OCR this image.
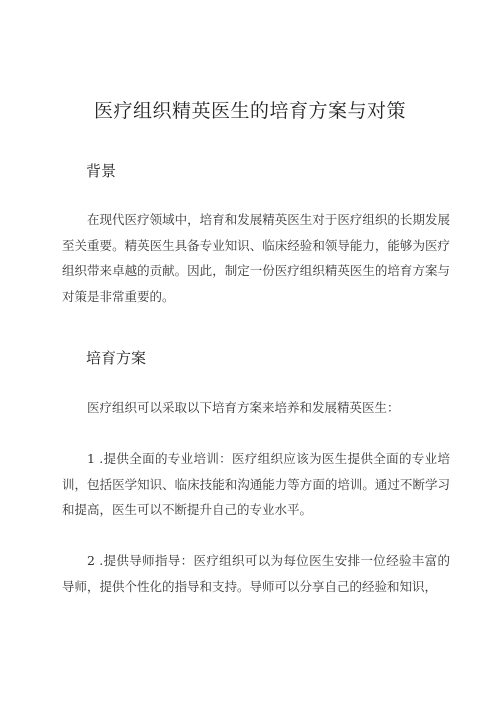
医疗组织精英医生的培育方案与对策
背景

在现代医疗领域中，培育和发展精英医生对于医疗组织的长期发展至关重要。精英医生具备专业知识、临床经验和领导能力，能够为医疗组织带来卓越的贡献。因此，制定一份医疗组织精英医生的培育方案与对策是非常重要的。

培育方案

医疗组织可以采取以下培育方案来培养和发展精英医生：

1 .提供全面的专业培训：医疗组织应该为医生提供全面的专业培训，包括医学知识、临床技能和沟通能力等方面的培训。通过不断学习和提高，医生可以不断提升自己的专业水平。

2 .提供导师指导：医疗组织可以为每位医生安排一位经验丰富的导师，提供个性化的指导和支持。导师可以分享自己的经验和知识，
